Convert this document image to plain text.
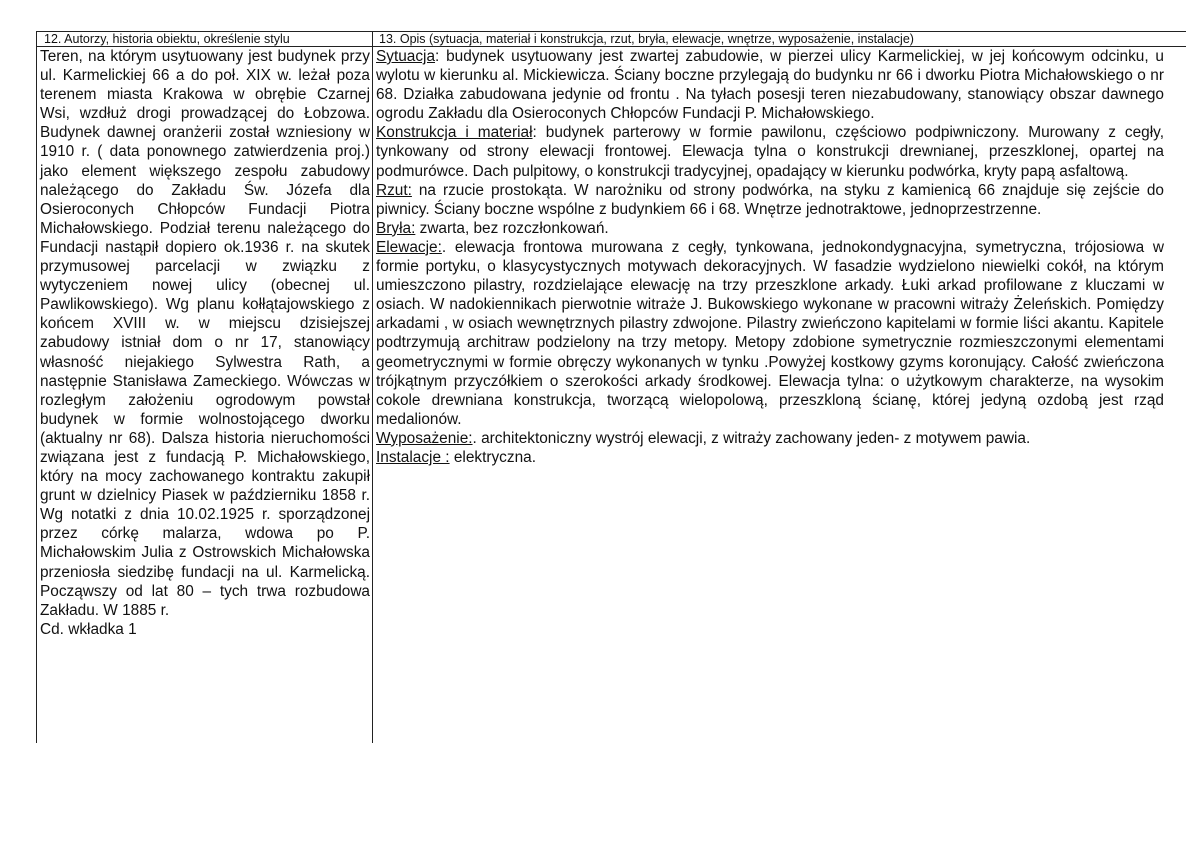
12. Autorzy, historia obiektu, określenie stylu	13. Opis (sytuacja, materiał i konstrukcja, rzut, bryła, elewacje, wnętrze, wyposażenie, instalacje)

Teren, na którym usytuowany jest budynek przy ul. Karmelickiej 66 a do poł. XIX w. leżał poza terenem miasta Krakowa w obrębie Czarnej Wsi, wzdłuż drogi prowadzącej do Łobzowa. Budynek dawnej oranżerii został wzniesiony w 1910 r. ( data ponownego zatwierdzenia proj.) jako element większego zespołu zabudowy należącego do Zakładu Św. Józefa dla Osieroconych Chłopców Fundacji Piotra Michałowskiego. Podział terenu należącego do Fundacji nastąpił dopiero ok.1936 r. na skutek przymusowej parcelacji w związku z wytyczeniem nowej ulicy (obecnej ul. Pawlikowskiego). Wg planu kołłątajowskiego z końcem XVIII w. w miejscu dzisiejszej zabudowy istniał dom o nr 17, stanowiący własność niejakiego Sylwestra Rath, a następnie Stanisława Zameckiego. Wówczas w rozległym założeniu ogrodowym powstał budynek w formie wolnostojącego dworku (aktualny nr 68). Dalsza historia nieruchomości związana jest z fundacją P. Michałowskiego, który na mocy zachowanego kontraktu zakupił grunt w dzielnicy Piasek w październiku 1858 r. Wg notatki z dnia 10.02.1925 r. sporządzonej przez córkę malarza, wdowa po P. Michałowskim Julia z Ostrowskich Michałowska przeniosła siedzibę fundacji na ul. Karmelicką. Począwszy od lat 80 – tych trwa rozbudowa Zakładu. W 1885 r.

Cd. wkładka 1

Sytuacja: budynek usytuowany jest zwartej zabudowie, w pierzei ulicy Karmelickiej, w jej końcowym odcinku, u wylotu w kierunku al. Mickiewicza. Ściany boczne przylegają do budynku nr 66 i dworku Piotra Michałowskiego o nr 68. Działka zabudowana jedynie od frontu . Na tyłach posesji teren niezabudowany, stanowiący obszar dawnego ogrodu Zakładu dla Osieroconych Chłopców Fundacji P. Michałowskiego.

Konstrukcja i materiał: budynek parterowy w formie pawilonu, częściowo podpiwniczony. Murowany z cegły, tynkowany od strony elewacji frontowej. Elewacja tylna o konstrukcji drewnianej, przeszklonej, opartej na podmurówce. Dach pulpitowy, o konstrukcji tradycyjnej, opadający w kierunku podwórka, kryty papą asfaltową.

Rzut: na rzucie prostokąta. W narożniku od strony podwórka, na styku z kamienicą 66 znajduje się zejście do piwnicy. Ściany boczne wspólne z budynkiem 66 i 68. Wnętrze jednotraktowe, jednoprzestrzenne.

Bryła: zwarta, bez rozczłonkowań.

Elewacje:. elewacja frontowa murowana z cegły, tynkowana, jednokondygnacyjna, symetryczna, trójosiowa w formie portyku, o klasycystycznych motywach dekoracyjnych. W fasadzie wydzielono niewielki cokół, na którym umieszczono pilastry, rozdzielające elewację na trzy przeszklone arkady. Łuki arkad profilowane z kluczami w osiach. W nadokiennikach pierwotnie witraże J. Bukowskiego wykonane w pracowni witraży Żeleńskich. Pomiędzy arkadami , w osiach wewnętrznych pilastry zdwojone. Pilastry zwieńczono kapitelami w formie liści akantu. Kapitele podtrzymują architraw podzielony na trzy metopy. Metopy zdobione symetrycznie rozmieszczonymi elementami geometrycznymi w formie obręczy wykonanych w tynku .Powyżej kostkowy gzyms koronujący. Całość zwieńczona trójkątnym przyczółkiem o szerokości arkady środkowej. Elewacja tylna: o użytkowym charakterze, na wysokim cokole drewniana konstrukcja, tworzącą wielopolową, przeszkloną ścianę, której jedyną ozdobą jest rząd medalionów.

Wyposażenie:. architektoniczny wystrój elewacji, z witraży zachowany jeden- z motywem pawia.

Instalacje : elektryczna.
